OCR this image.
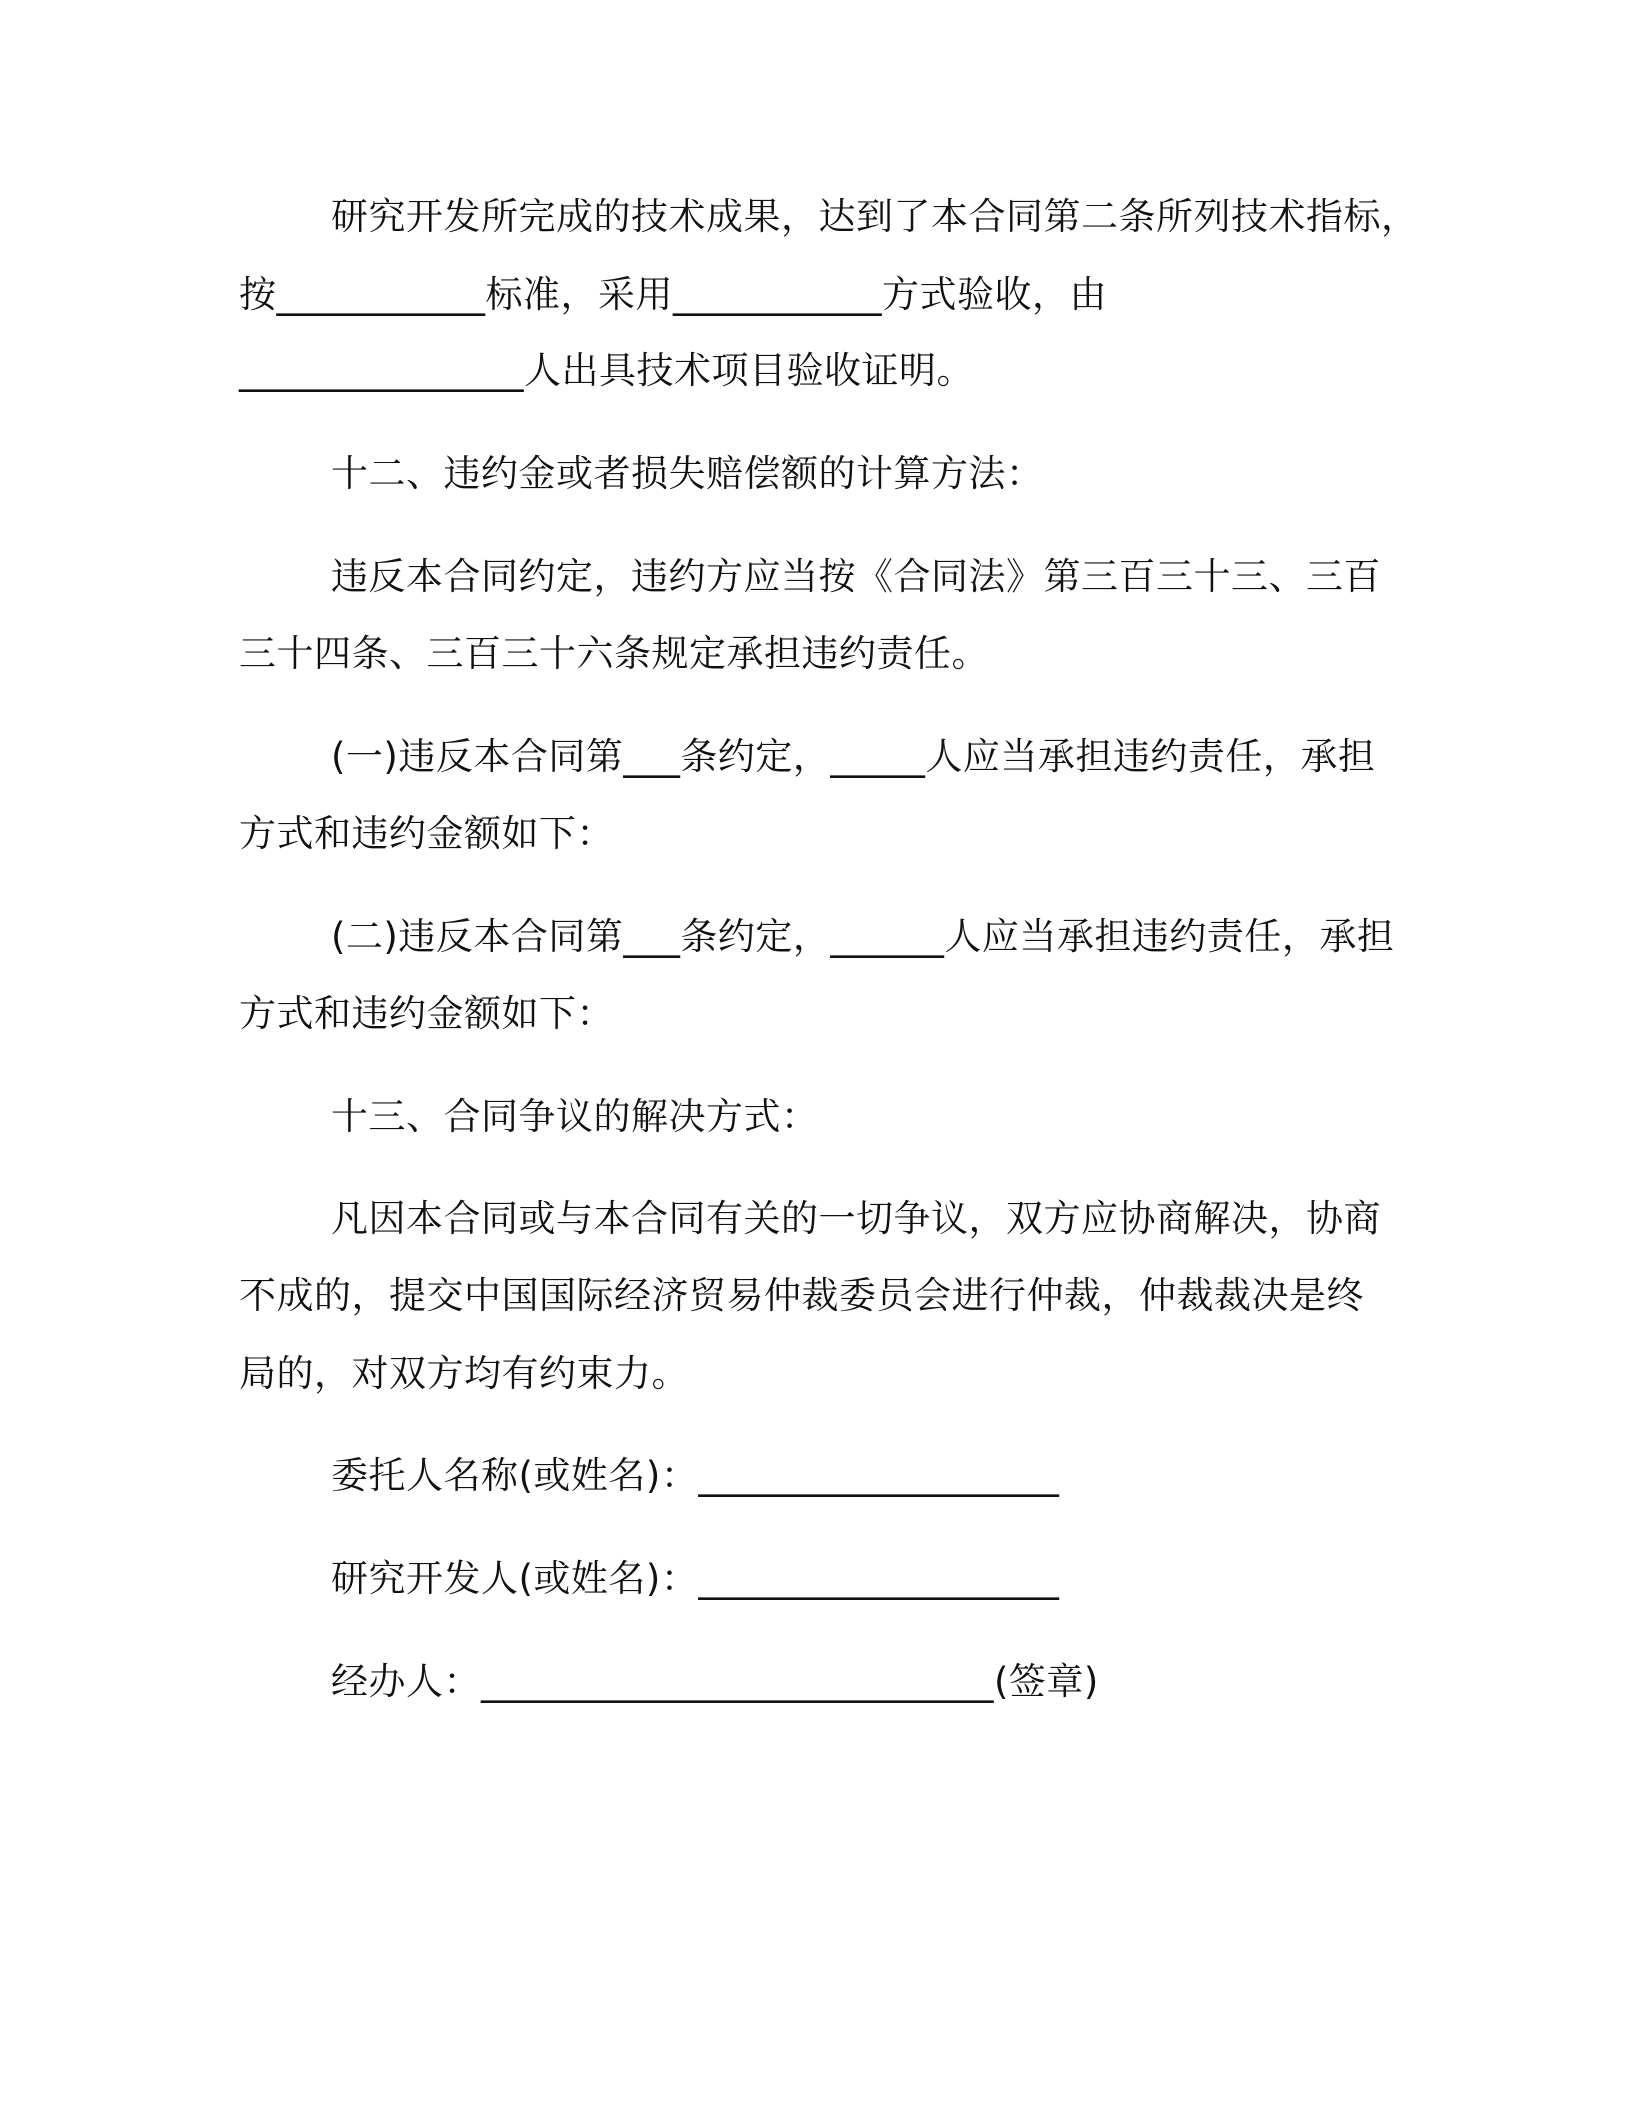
研究开发所完成的技术成果，达到了本合同第二条所列技术指标，
按___________标准，采用___________方式验收，由
_______________人出具技术项目验收证明。
十二、违约金或者损失赔偿额的计算方法：
违反本合同约定，违约方应当按《合同法》第三百三十三、三百
三十四条、三百三十六条规定承担违约责任。
(一)违反本合同第___条约定，_____人应当承担违约责任，承担
方式和违约金额如下：
(二)违反本合同第___条约定，______人应当承担违约责任，承担
方式和违约金额如下：
十三、合同争议的解决方式：
凡因本合同或与本合同有关的一切争议，双方应协商解决，协商
不成的，提交中国国际经济贸易仲裁委员会进行仲裁，仲裁裁决是终
局的，对双方均有约束力。
委托人名称(或姓名)：___________________
研究开发人(或姓名)：___________________
经办人：___________________________(签章)
